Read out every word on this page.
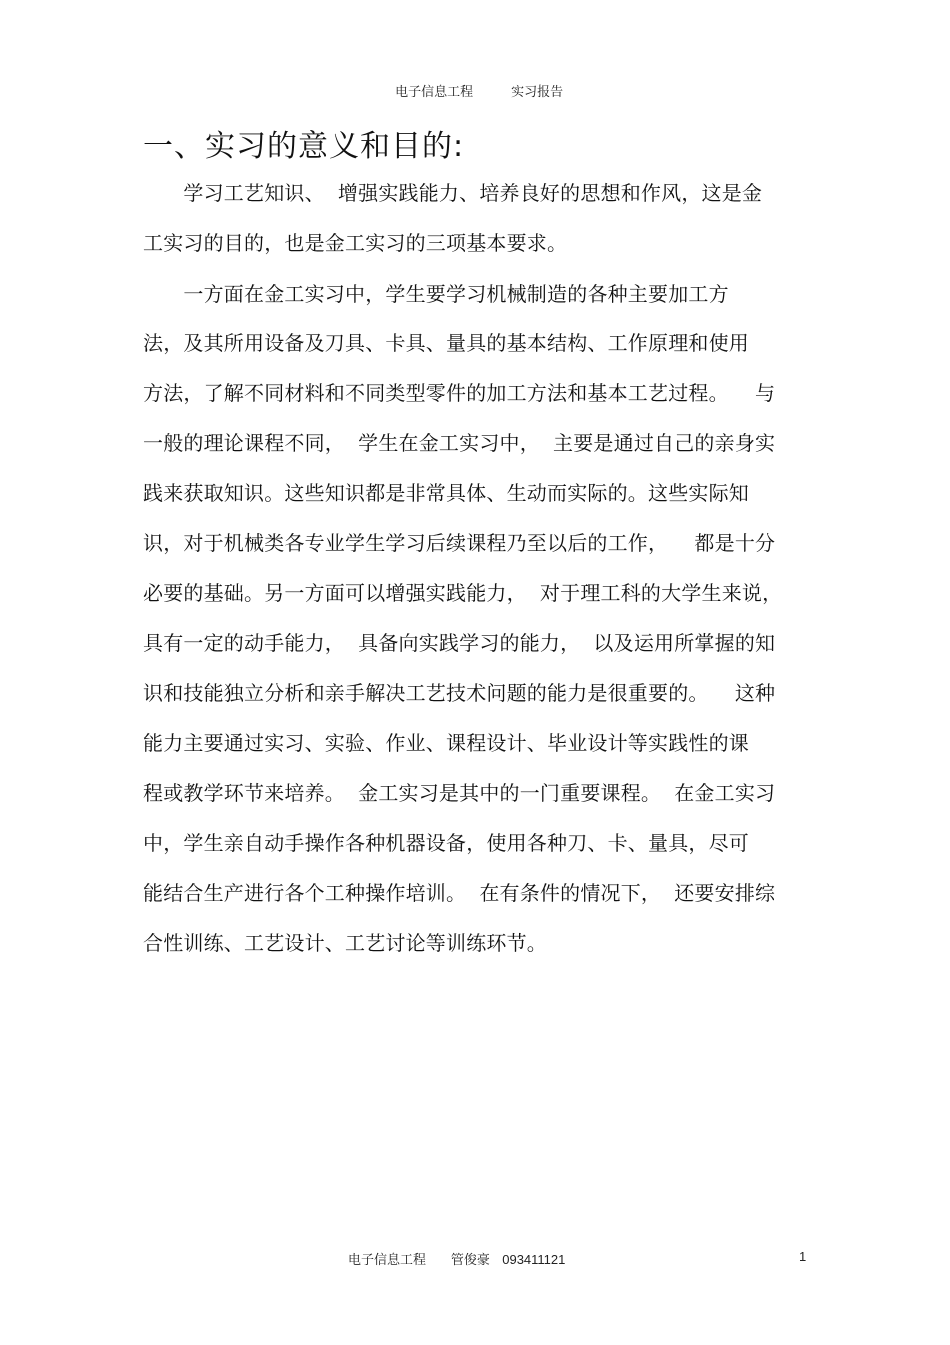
电子信息工程	实习报告

一、实习的意义和目的:
　　学习工艺知识、  增强实践能力、培养良好的思想和作风，这是金
工实习的目的，也是金工实习的三项基本要求。
　　一方面在金工实习中，学生要学习机械制造的各种主要加工方
法，及其所用设备及刀具、卡具、量具的基本结构、工作原理和使用
方法，了解不同材料和不同类型零件的加工方法和基本工艺过程。    与
一般的理论课程不同，  学生在金工实习中，  主要是通过自己的亲身实
践来获取知识。这些知识都是非常具体、生动而实际的。这些实际知
识，对于机械类各专业学生学习后续课程乃至以后的工作，    都是十分
必要的基础。另一方面可以增强实践能力，  对于理工科的大学生来说，
具有一定的动手能力，  具备向实践学习的能力，  以及运用所掌握的知
识和技能独立分析和亲手解决工艺技术问题的能力是很重要的。    这种
能力主要通过实习、实验、作业、课程设计、毕业设计等实践性的课
程或教学环节来培养。  金工实习是其中的一门重要课程。  在金工实习
中，学生亲自动手操作各种机器设备，使用各种刀、卡、量具，尽可
能结合生产进行各个工种操作培训。  在有条件的情况下，  还要安排综
合性训练、工艺设计、工艺讨论等训练环节。
电子信息工程 管俊豪 093411121	1
